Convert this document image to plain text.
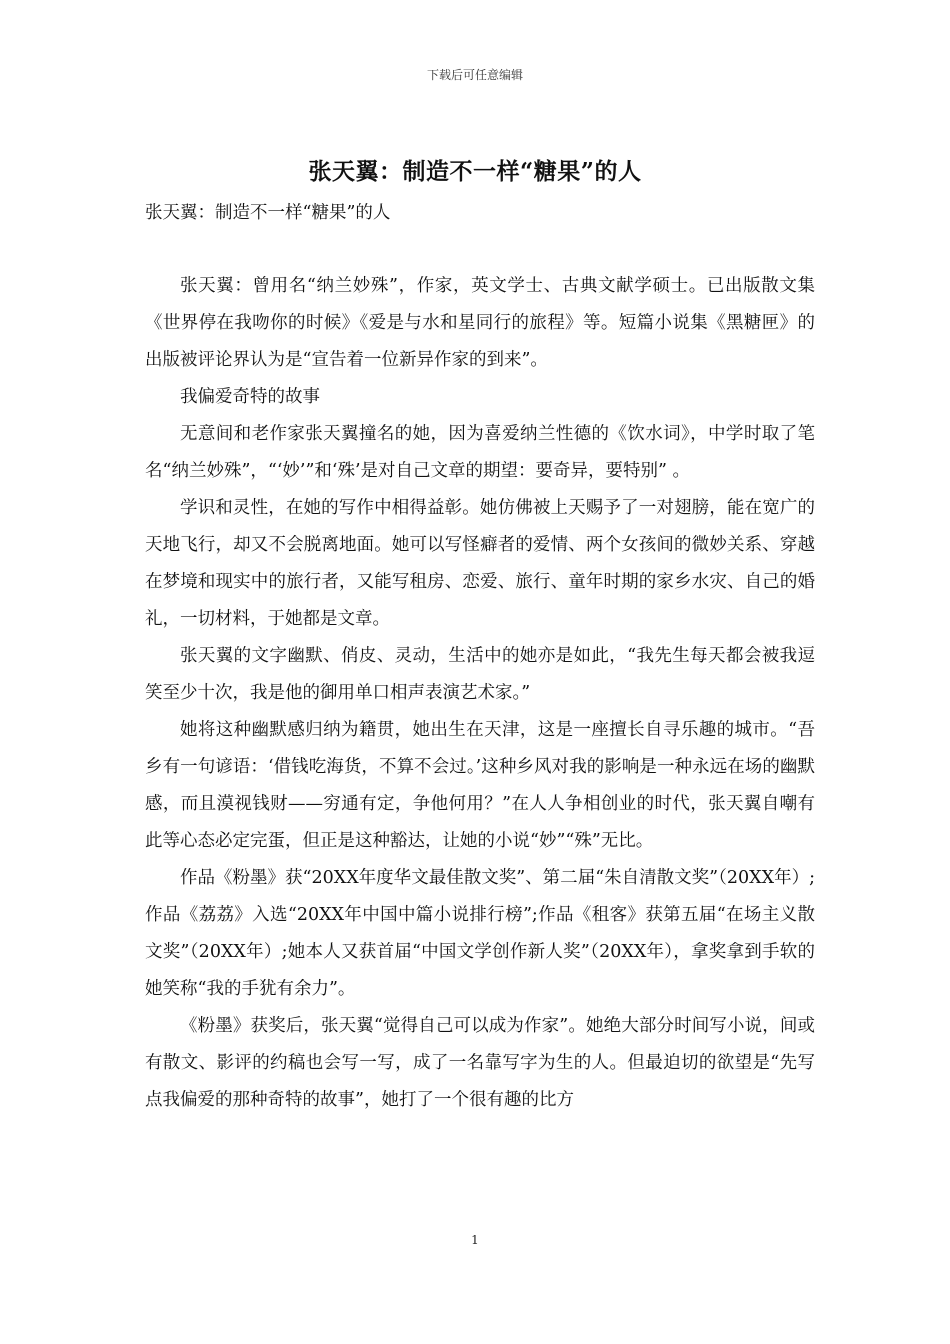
下载后可任意编辑
张天翼：制造不一样“糖果”的人
张天翼：制造不一样“糖果”的人

张天翼：曾用名“纳兰妙殊”，作家，英文学士、古典文献学硕士。已出版散文集《世界停在我吻你的时候》《爱是与水和星同行的旅程》等。短篇小说集《黑糖匣》的出版被评论界认为是“宣告着一位新异作家的到来”。

我偏爱奇特的故事

无意间和老作家张天翼撞名的她，因为喜爱纳兰性德的《饮水词》，中学时取了笔名“纳兰妙殊”，“‘妙’”和‘殊’是对自己文章的期望：要奇异，要特别” 。

学识和灵性，在她的写作中相得益彰。她仿佛被上天赐予了一对翅膀，能在宽广的天地飞行，却又不会脱离地面。她可以写怪癖者的爱情、两个女孩间的微妙关系、穿越在梦境和现实中的旅行者，又能写租房、恋爱、旅行、童年时期的家乡水灾、自己的婚礼，一切材料，于她都是文章。

张天翼的文字幽默、俏皮、灵动，生活中的她亦是如此，“我先生每天都会被我逗笑至少十次，我是他的御用单口相声表演艺术家。”

她将这种幽默感归纳为籍贯，她出生在天津，这是一座擅长自寻乐趣的城市。“吾乡有一句谚语：‘借钱吃海货，不算不会过。’这种乡风对我的影响是一种永远在场的幽默感，而且漠视钱财——穷通有定，争他何用？”在人人争相创业的时代，张天翼自嘲有此等心态必定完蛋，但正是这种豁达，让她的小说“妙”“殊”无比。

作品《粉墨》获“20XX年度华文最佳散文奖”、第二届“朱自清散文奖”（20XX年）;作品《荔荔》入选“20XX年中国中篇小说排行榜”;作品《租客》获第五届“在场主义散文奖”（20XX年）;她本人又获首届“中国文学创作新人奖”（20XX年），拿奖拿到手软的她笑称“我的手犹有余力”。

《粉墨》获奖后，张天翼“觉得自己可以成为作家”。她绝大部分时间写小说，间或有散文、影评的约稿也会写一写，成了一名靠写字为生的人。但最迫切的欲望是“先写点我偏爱的那种奇特的故事”，她打了一个很有趣的比方

1
